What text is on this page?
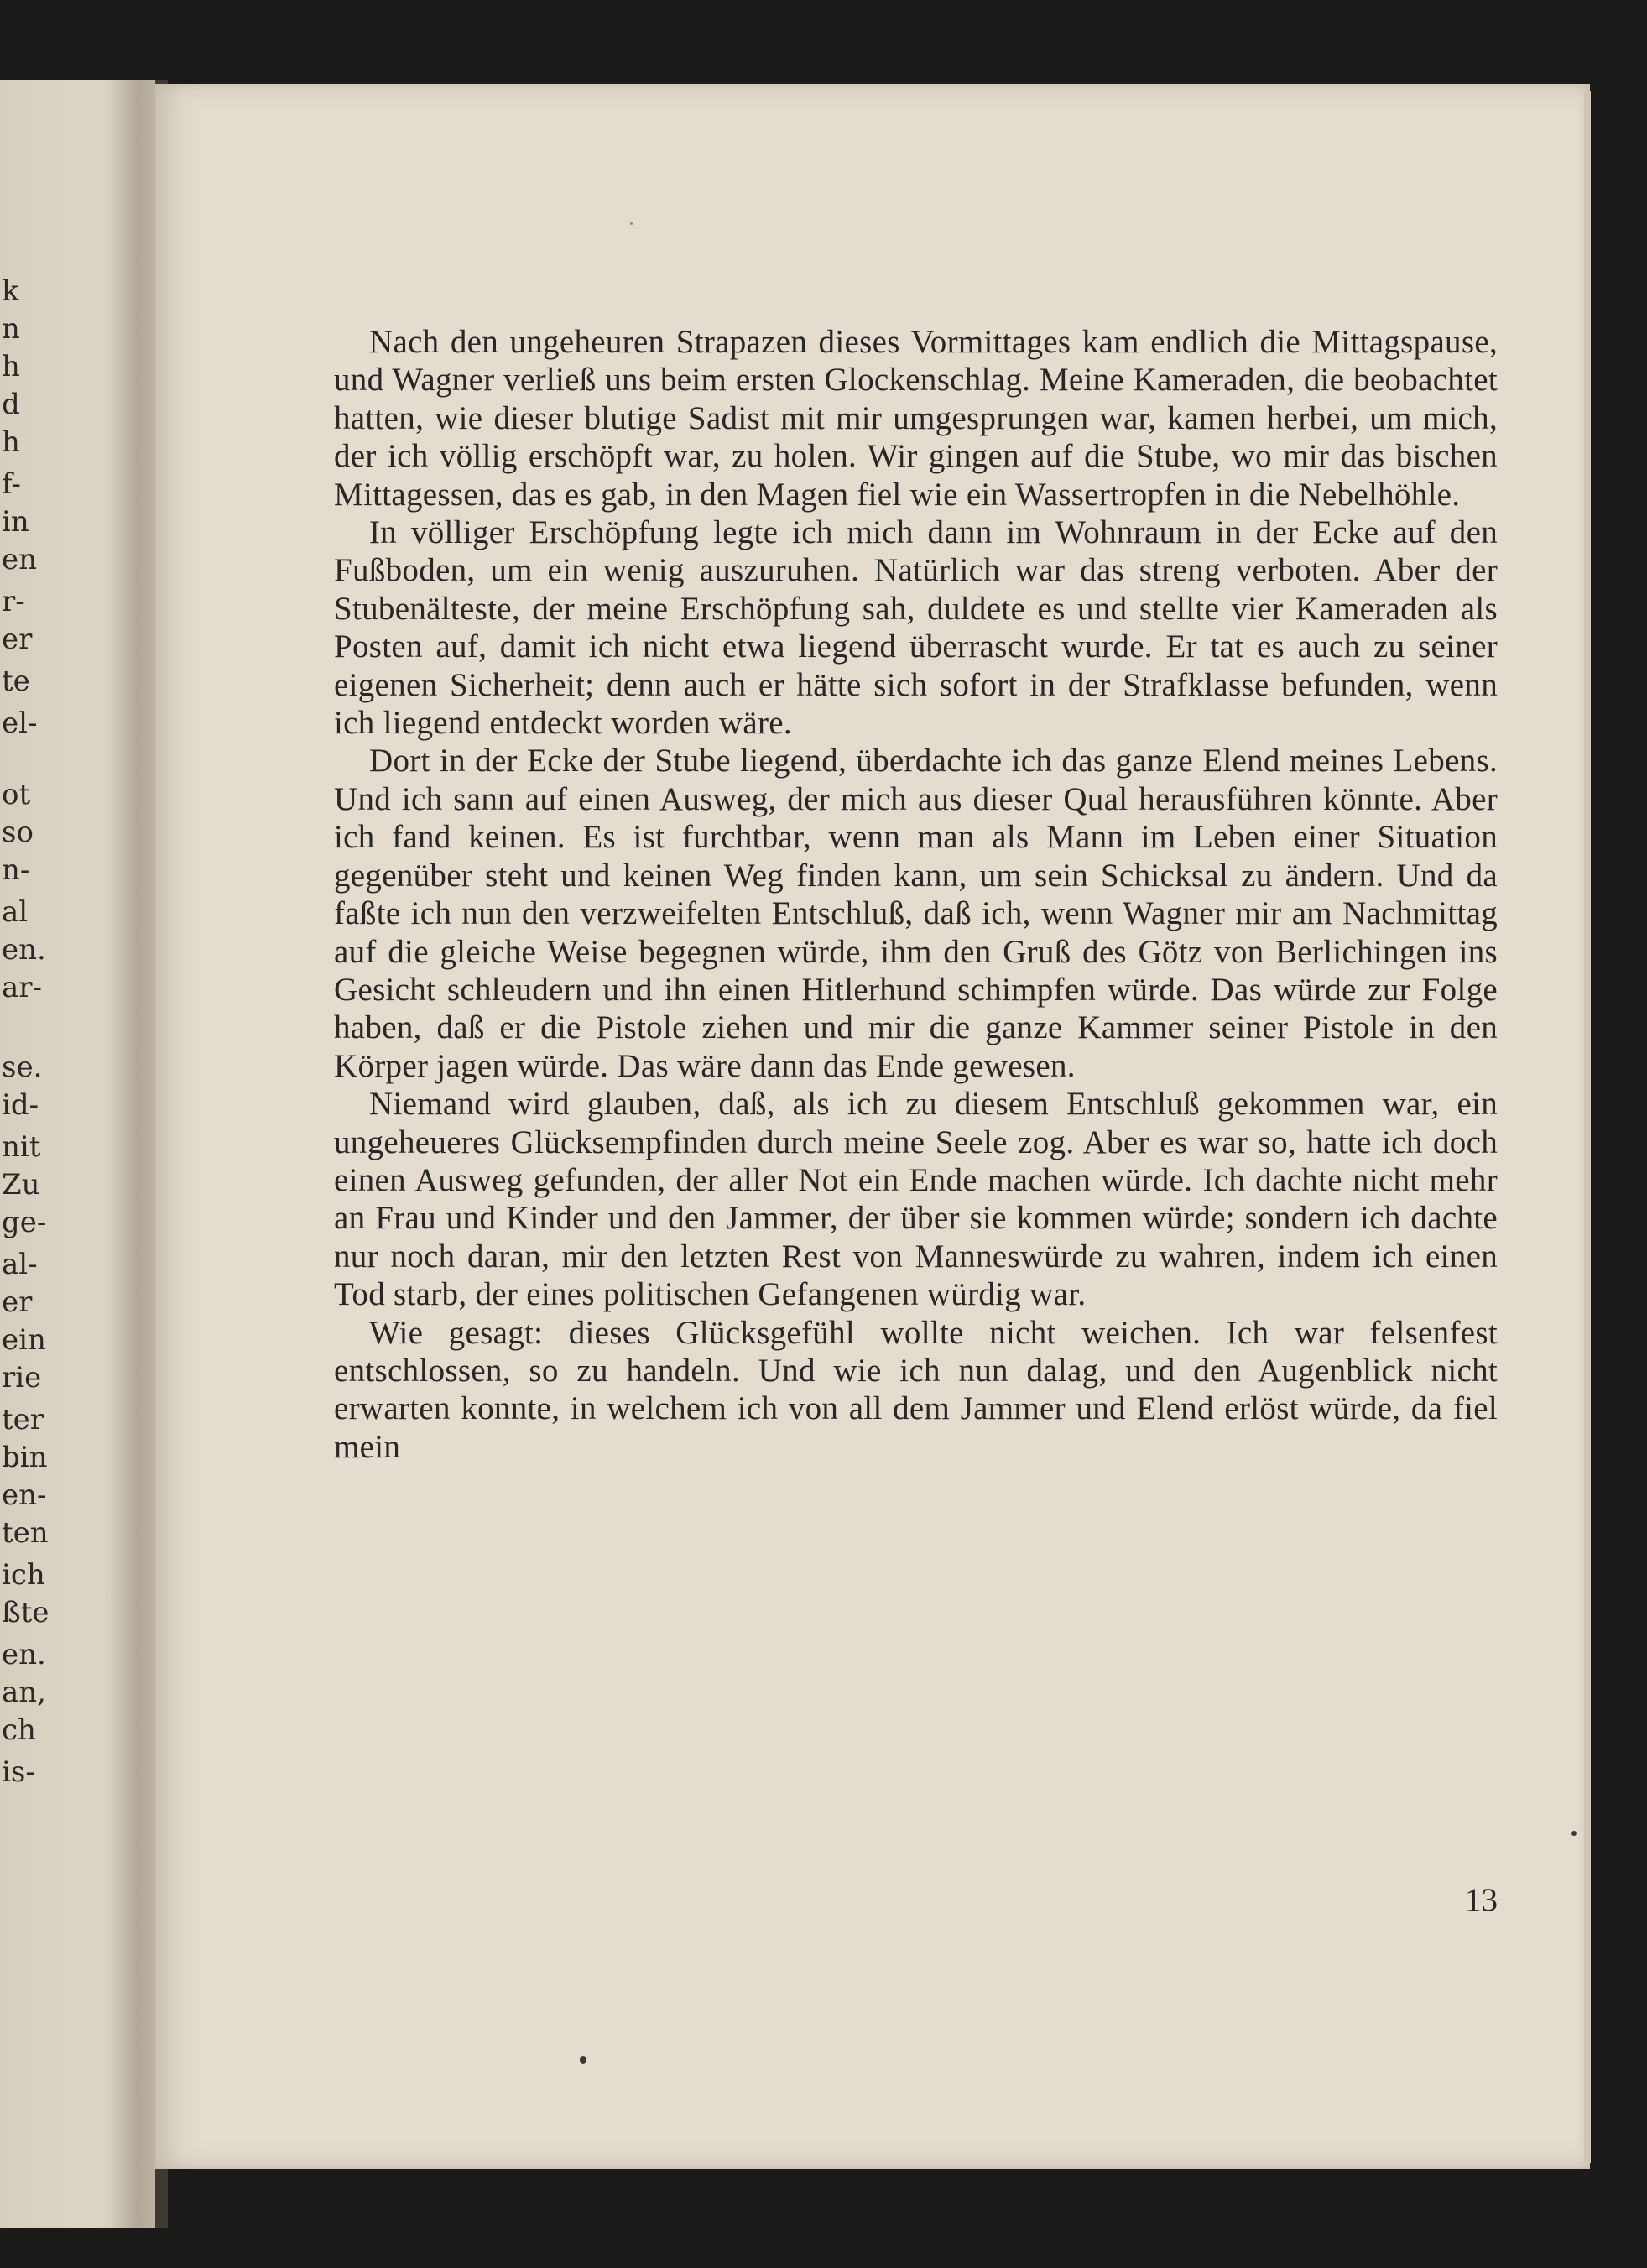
k
n
h
d
h
f-
in
en
r-
er
te
el-
ot
so
n-
al
en.
ar-
se.
id-
nit
Zu
ge-
al-
er
ein
rie
ter
bin
en-
ten
ich
ßte
en.
an,
ch
is-

Nach den ungeheuren Strapazen dieses Vormittages kam endlich die Mittagspause, und Wagner verließ uns beim ersten Glockenschlag. Meine Kameraden, die beobachtet hatten, wie dieser blutige Sadist mit mir umgesprungen war, kamen herbei, um mich, der ich völlig erschöpft war, zu holen. Wir gingen auf die Stube, wo mir das bischen Mittagessen, das es gab, in den Magen fiel wie ein Wassertropfen in die Nebelhöhle.

In völliger Erschöpfung legte ich mich dann im Wohnraum in der Ecke auf den Fußboden, um ein wenig auszuruhen. Natürlich war das streng verboten. Aber der Stubenälteste, der meine Erschöpfung sah, duldete es und stellte vier Kameraden als Posten auf, damit ich nicht etwa liegend überrascht wurde. Er tat es auch zu seiner eigenen Sicherheit; denn auch er hätte sich sofort in der Strafklasse befunden, wenn ich liegend entdeckt worden wäre.

Dort in der Ecke der Stube liegend, überdachte ich das ganze Elend meines Lebens. Und ich sann auf einen Ausweg, der mich aus dieser Qual herausführen könnte. Aber ich fand keinen. Es ist furchtbar, wenn man als Mann im Leben einer Situation gegenüber steht und keinen Weg finden kann, um sein Schicksal zu ändern. Und da faßte ich nun den verzweifelten Entschluß, daß ich, wenn Wagner mir am Nachmittag auf die gleiche Weise begegnen würde, ihm den Gruß des Götz von Berlichingen ins Gesicht schleudern und ihn einen Hitlerhund schimpfen würde. Das würde zur Folge haben, daß er die Pistole ziehen und mir die ganze Kammer seiner Pistole in den Körper jagen würde. Das wäre dann das Ende gewesen.

Niemand wird glauben, daß, als ich zu diesem Entschluß gekommen war, ein ungeheueres Glücksempfinden durch meine Seele zog. Aber es war so, hatte ich doch einen Ausweg gefunden, der aller Not ein Ende machen würde. Ich dachte nicht mehr an Frau und Kinder und den Jammer, der über sie kommen würde; sondern ich dachte nur noch daran, mir den letzten Rest von Manneswürde zu wahren, indem ich einen Tod starb, der eines politischen Gefangenen würdig war.

Wie gesagt: dieses Glücksgefühl wollte nicht weichen. Ich war felsenfest entschlossen, so zu handeln. Und wie ich nun dalag, und den Augenblick nicht erwarten konnte, in welchem ich von all dem Jammer und Elend erlöst würde, da fiel mein

13
